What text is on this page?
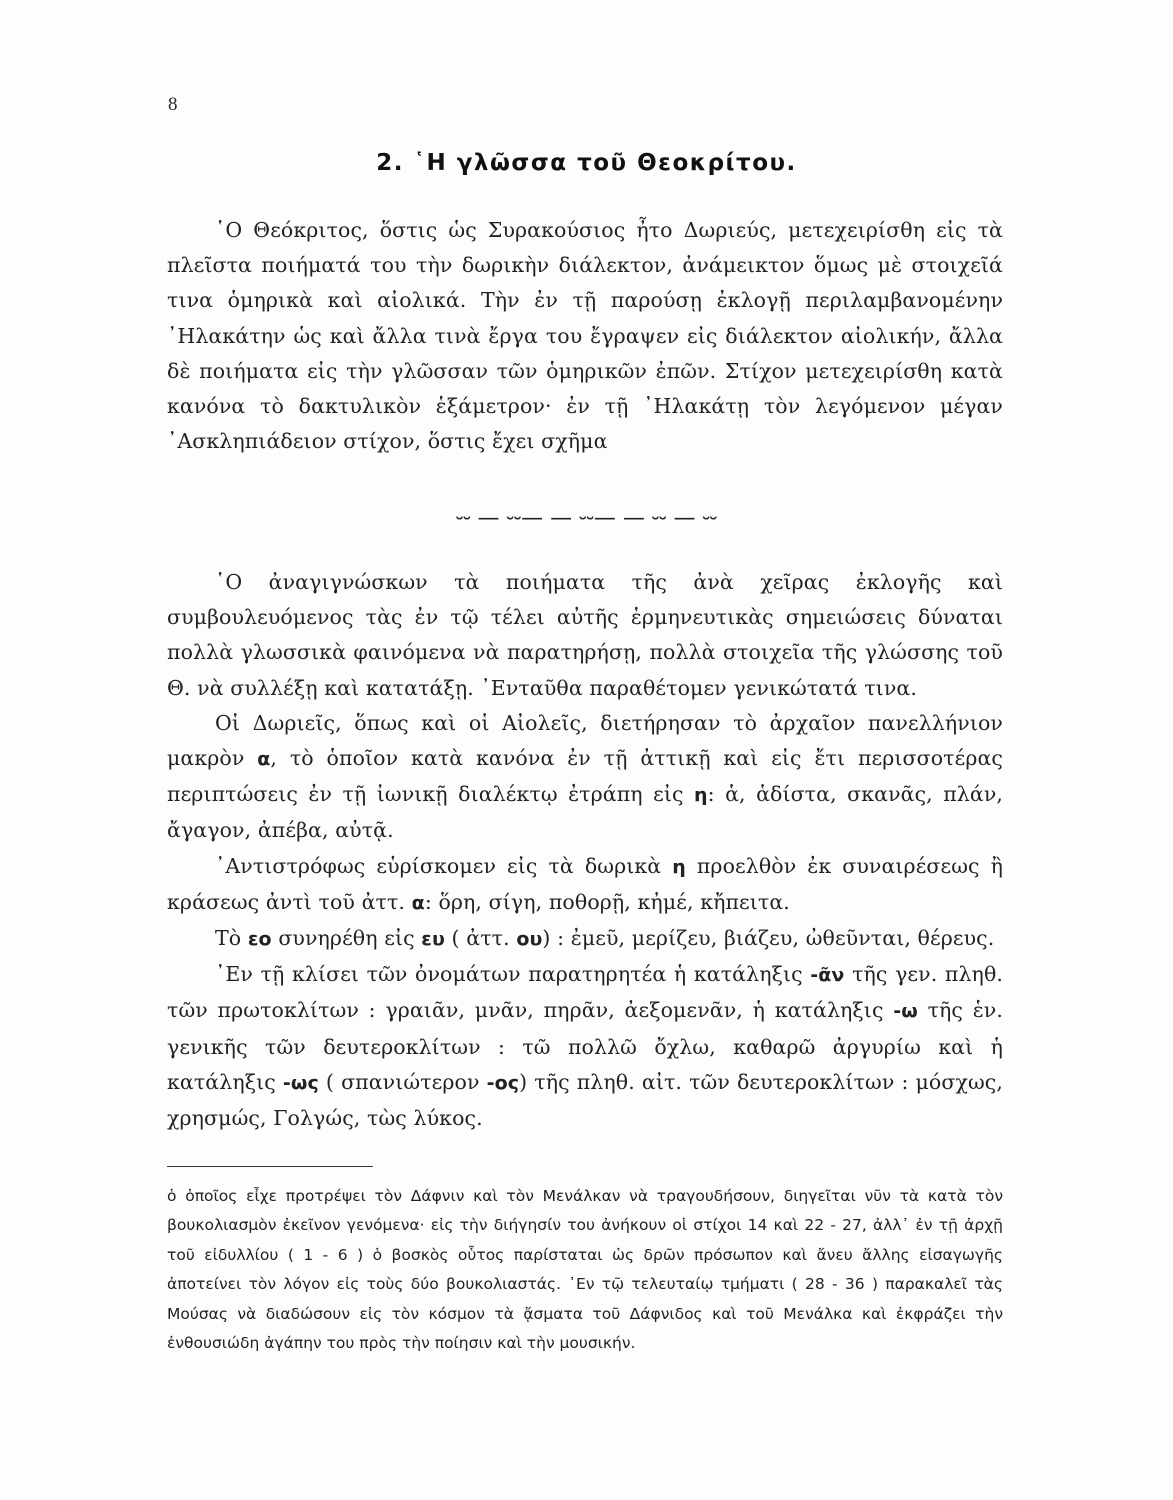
8
2. ῾Η γλῶσσα τοῦ Θεοκρίτου.

῾Ο Θεόκριτος, ὅστις ὡς Συρακούσιος ἦτο Δωριεύς, μετεχειρίσθη εἰς τὰ πλεῖστα ποιήματά του τὴν δωρικὴν διάλεκτον, ἀνάμεικτον ὅμως μὲ στοιχεῖά τινα ὁμηρικὰ καὶ αἰολικά. Τὴν ἐν τῇ παρούσῃ ἐκλογῇ περιλαμβανομένην ᾿Ηλακάτην ὡς καὶ ἄλλα τινὰ ἔργα του ἔγραψεν εἰς διάλεκτον αἰολικήν, ἄλλα δὲ ποιήματα εἰς τὴν γλῶσσαν τῶν ὁμηρικῶν ἐπῶν. Στίχον μετεχειρίσθη κατὰ κανόνα τὸ δακτυλικὸν ἑξάμετρον· ἐν τῇ ᾿Ηλακάτῃ τὸν λεγόμενον μέγαν ᾿Ασκληπιάδειον στίχον, ὅστις ἔχει σχῆμα

⏑⏑ — ⏑⏑— — ⏑⏑— — ⏑⏑ — ⏑⏑

῾Ο ἀναγιγνώσκων τὰ ποιήματα τῆς ἀνὰ χεῖρας ἐκλογῆς καὶ συμβουλευόμενος τὰς ἐν τῷ τέλει αὐτῆς ἑρμηνευτικὰς σημειώσεις δύναται πολλὰ γλωσσικὰ φαινόμενα νὰ παρατηρήσῃ, πολλὰ στοιχεῖα τῆς γλώσσης τοῦ Θ. νὰ συλλέξῃ καὶ κατατάξῃ. ᾿Ενταῦθα παραθέτομεν γενικώτατά τινα.

Οἱ Δωριεῖς, ὅπως καὶ οἱ Αἰολεῖς, διετήρησαν τὸ ἀρχαῖον πανελλήνιον μακρὸν α, τὸ ὁποῖον κατὰ κανόνα ἐν τῇ ἀττικῇ καὶ εἰς ἔτι περισσοτέρας περιπτώσεις ἐν τῇ ἰωνικῇ διαλέκτῳ ἐτράπη εἰς η: ἁ, ἁδίστα, σκανᾶς, πλάν, ἄγαγον, ἀπέβα, αὐτᾷ.

᾿Αντιστρόφως εὑρίσκομεν εἰς τὰ δωρικὰ η προελθὸν ἐκ συναιρέσεως ἢ κράσεως ἀντὶ τοῦ ἀττ. α: ὅρη, σίγη, ποθορῇ, κἠμέ, κἤπειτα.

Τὸ εο συνηρέθη εἰς ευ ( ἀττ. ου) : ἐμεῦ, μερίζευ, βιάζευ, ὠθεῦνται, θέρευς.

᾿Εν τῇ κλίσει τῶν ὀνομάτων παρατηρητέα ἡ κατάληξις -ᾶν τῆς γεν. πληθ. τῶν πρωτοκλίτων : γραιᾶν, μνᾶν, πηρᾶν, ἀεξομενᾶν, ἡ κατάληξις -ω τῆς ἑν. γενικῆς τῶν δευτεροκλίτων : τῶ πολλῶ ὄχλω, καθαρῶ ἀργυρίω καὶ ἡ κατάληξις -ως ( σπανιώτερον -ος) τῆς πληθ. αἰτ. τῶν δευτεροκλίτων : μόσχως, χρησμώς, Γολγώς, τὼς λύκος.

ὁ ὁποῖος εἶχε προτρέψει τὸν Δάφνιν καὶ τὸν Μενάλκαν νὰ τραγουδήσουν, διηγεῖται νῦν τὰ κατὰ τὸν βουκολιασμὸν ἐκεῖνον γενόμενα· εἰς τὴν διήγησίν του ἀνήκουν οἱ στίχοι 14 καὶ 22 - 27, ἀλλ᾿ ἐν τῇ ἀρχῇ τοῦ εἰδυλλίου ( 1 - 6 ) ὁ βοσκὸς οὗτος παρίσταται ὡς δρῶν πρόσωπον καὶ ἄνευ ἄλλης εἰσαγωγῆς ἀποτείνει τὸν λόγον εἰς τοὺς δύο βουκολιαστάς. ᾿Εν τῷ τελευταίῳ τμήματι ( 28 - 36 ) παρακαλεῖ τὰς Μούσας νὰ διαδώσουν εἰς τὸν κόσμον τὰ ᾄσματα τοῦ Δάφνιδος καὶ τοῦ Μενάλκα καὶ ἐκφράζει τὴν ἐνθουσιώδη ἀγάπην του πρὸς τὴν ποίησιν καὶ τὴν μουσικήν.
